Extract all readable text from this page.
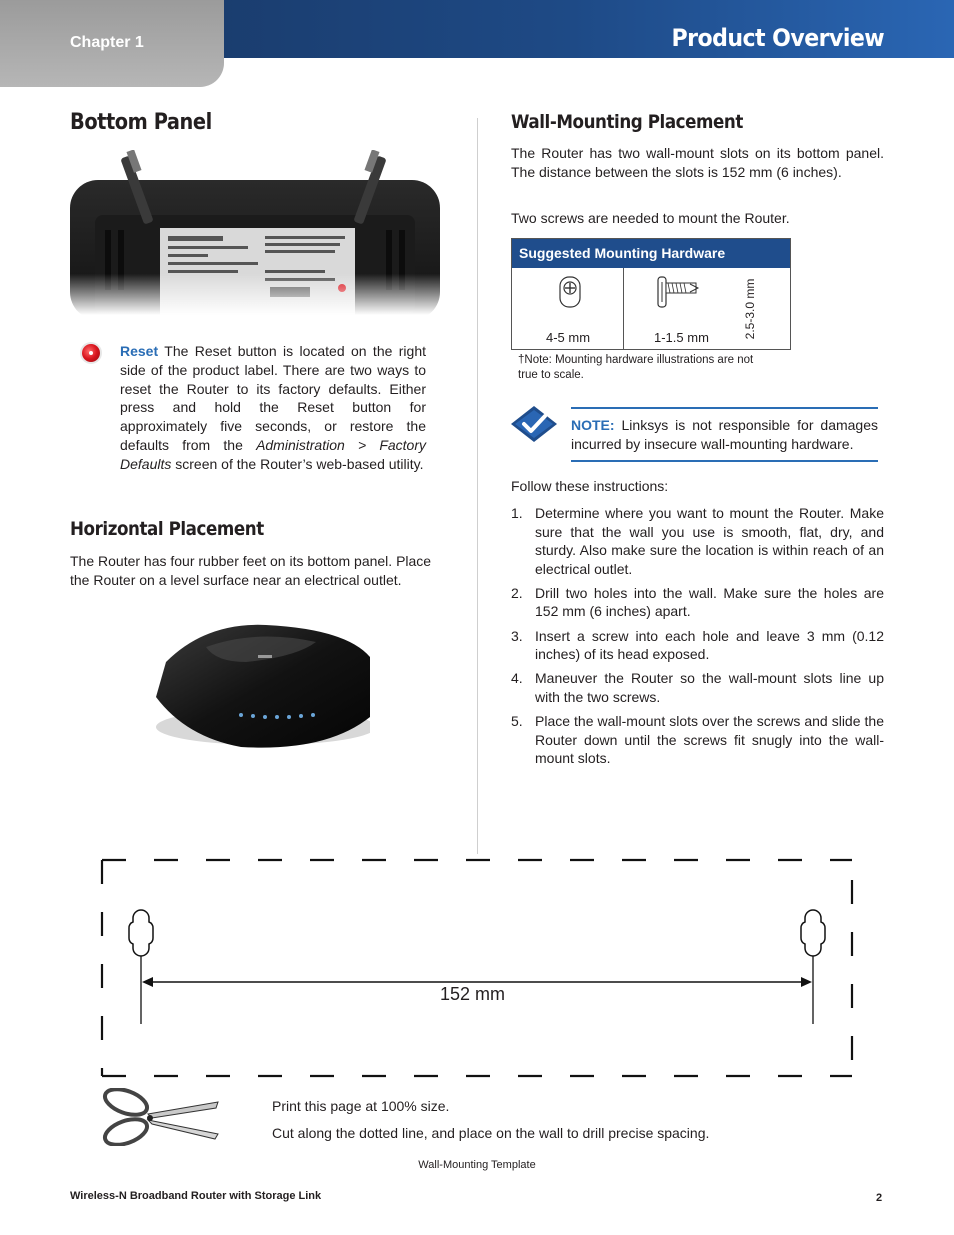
Chapter 1	Product Overview
Bottom Panel
Reset The Reset button is located on the right side of the product label. There are two ways to reset the Router to its factory defaults. Either press and hold the Reset button for approximately five seconds, or restore the defaults from the Administration > Factory Defaults screen of the Router’s web-based utility.
Horizontal Placement
The Router has four rubber feet on its bottom panel. Place the Router on a level surface near an electrical outlet.
Wall-Mounting Placement
The Router has two wall-mount slots on its bottom panel. The distance between the slots is 152 mm (6 inches).
Two screws are needed to mount the Router.
Suggested Mounting Hardware
4-5 mm	1-1.5 mm	2.5-3.0 mm
†Note: Mounting hardware illustrations are not true to scale.
NOTE: Linksys is not responsible for damages incurred by insecure wall-mounting hardware.
Follow these instructions:
1. Determine where you want to mount the Router. Make sure that the wall you use is smooth, flat, dry, and sturdy. Also make sure the location is within reach of an electrical outlet.
2. Drill two holes into the wall. Make sure the holes are 152 mm (6 inches) apart.
3. Insert a screw into each hole and leave 3 mm (0.12 inches) of its head exposed.
4. Maneuver the Router so the wall-mount slots line up with the two screws.
5. Place the wall-mount slots over the screws and slide the Router down until the screws fit snugly into the wall-mount slots.
152 mm
Print this page at 100% size.
Cut along the dotted line, and place on the wall to drill precise spacing.
Wall-Mounting Template
Wireless-N Broadband Router with Storage Link	2
